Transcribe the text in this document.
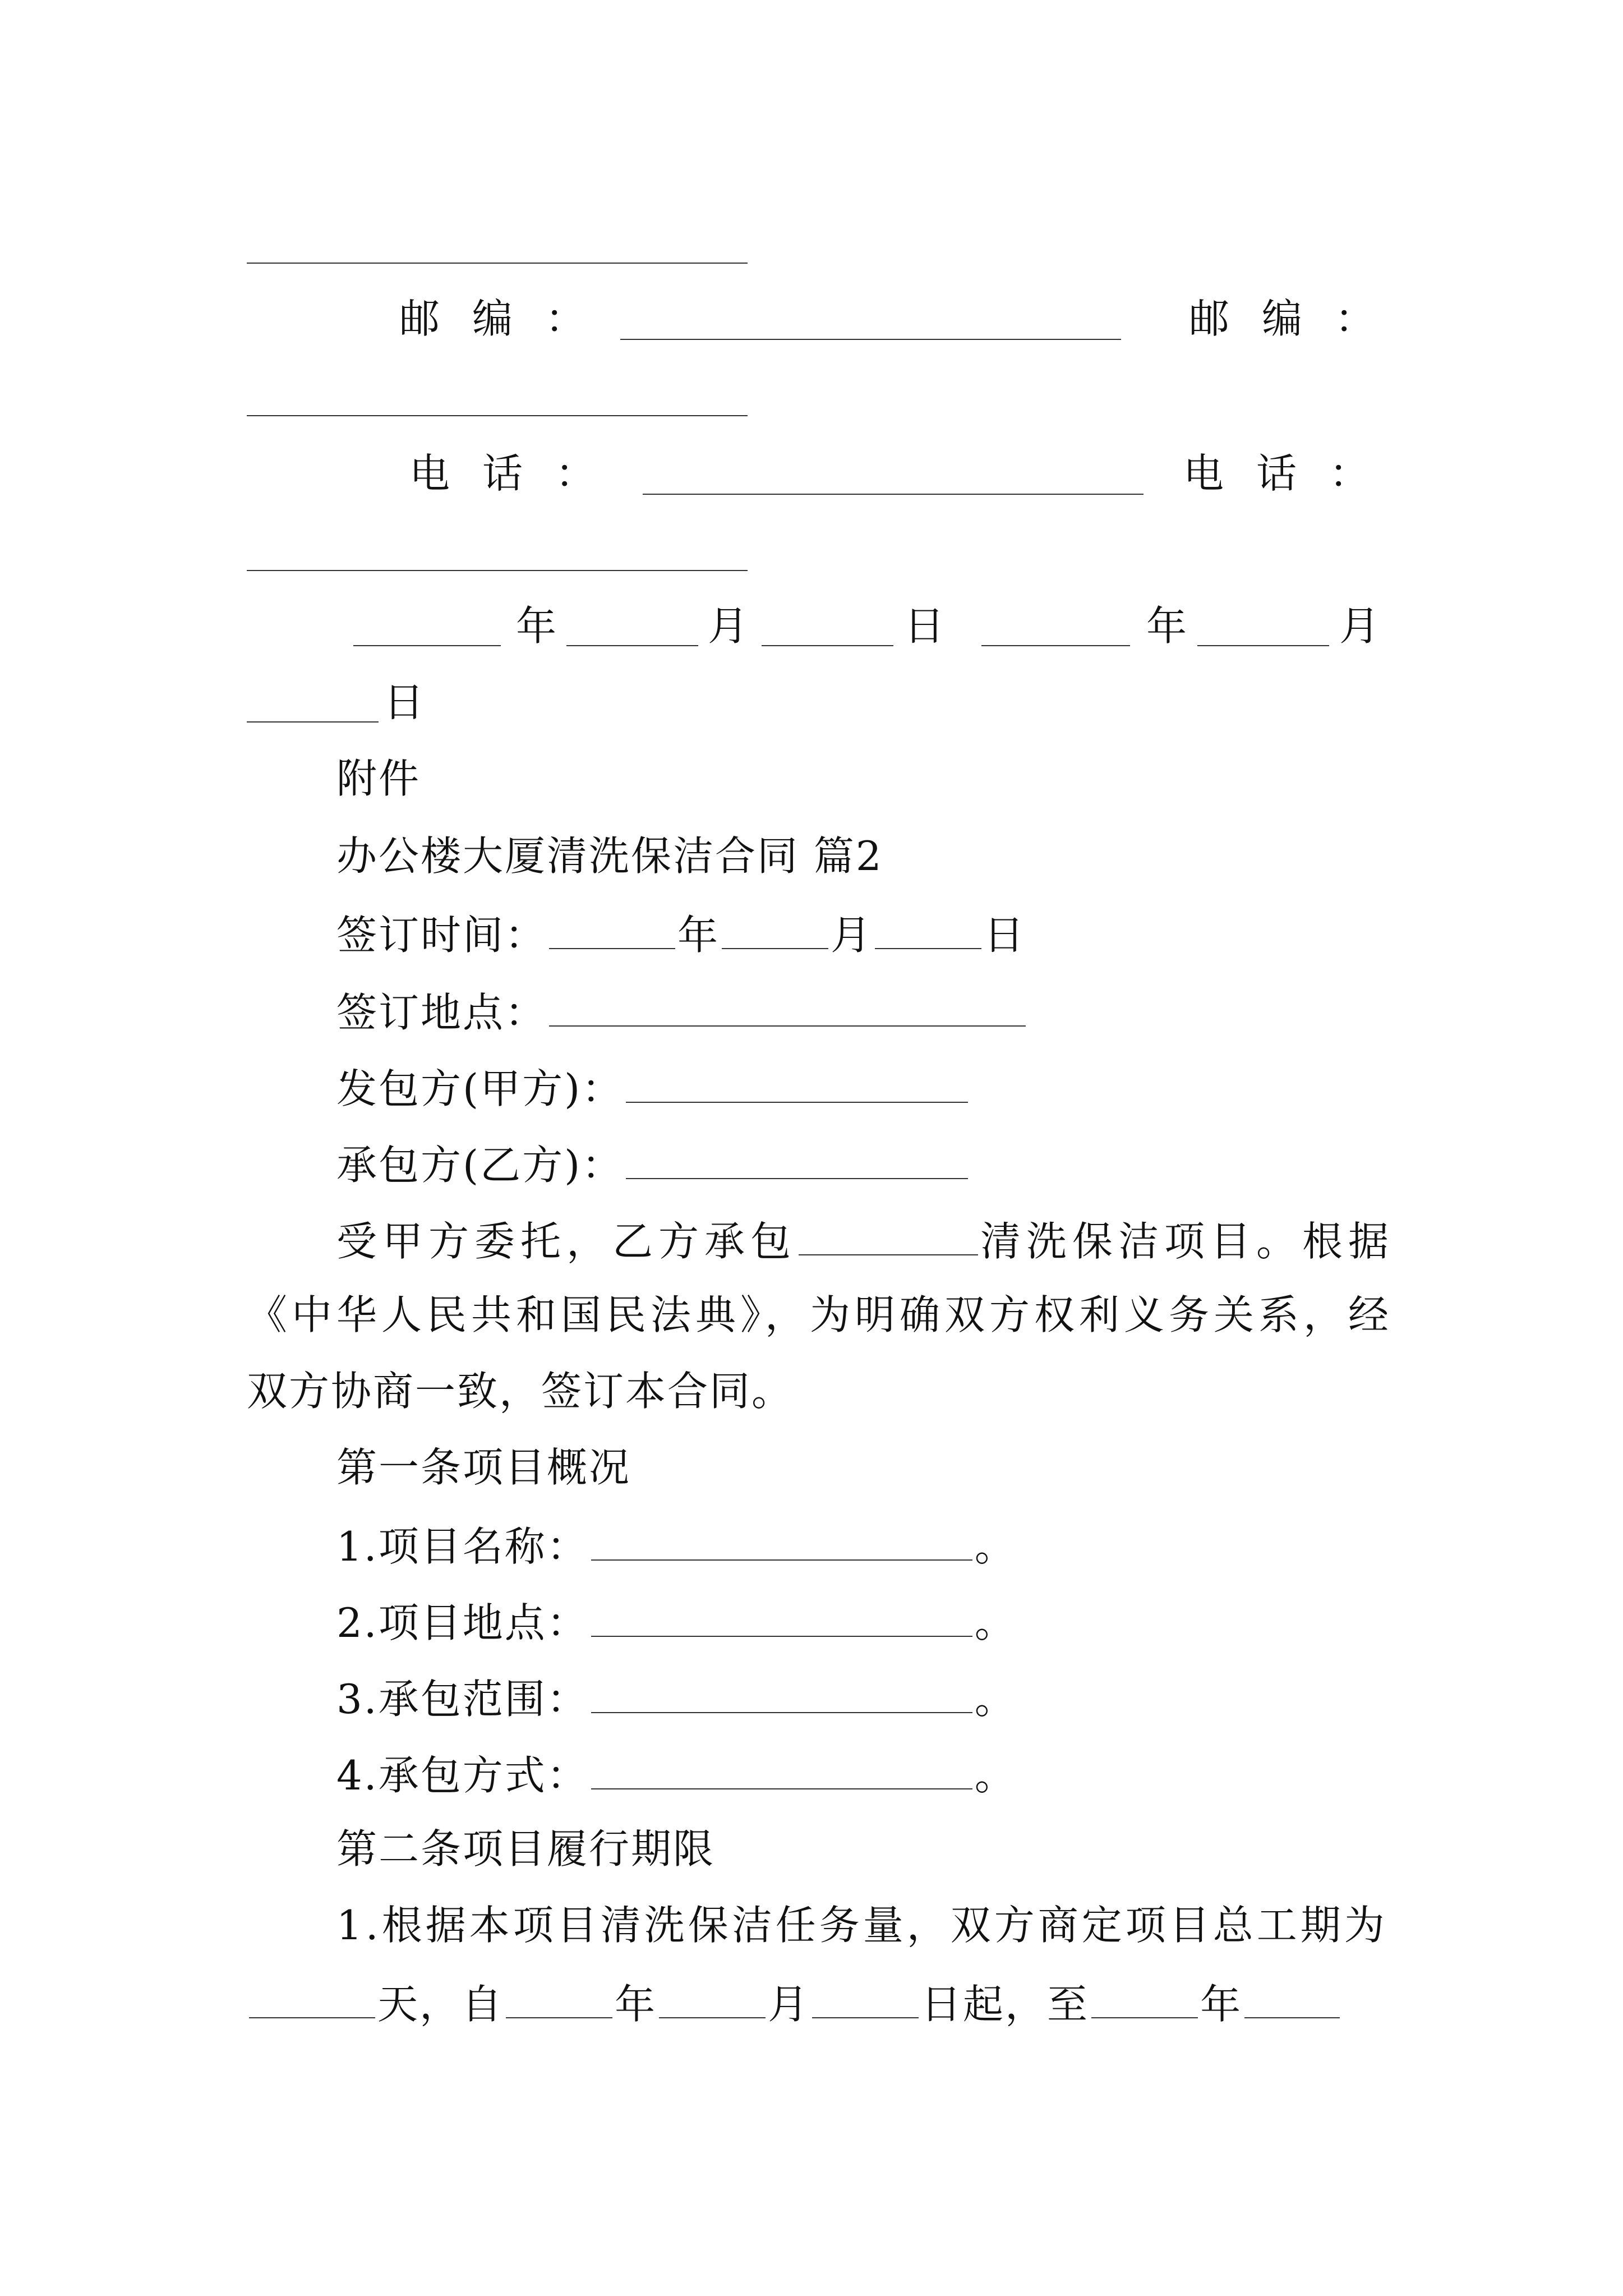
邮编：	邮编：
电话：	电话：
年	月	日	年	月
日
附件
办公楼大厦清洗保洁合同 篇2
签订时间：	年	月	日
签订地点：
发包方(甲方)：
承包方(乙方)：
受甲方委托，乙方承包	清洗保洁项目。根据
《中华人民共和国民法典》，为明确双方权利义务关系，经
双方协商一致，签订本合同。
第一条项目概况
1.项目名称：	。
2.项目地点：	。
3.承包范围：	。
4.承包方式：	。
第二条项目履行期限
1.根据本项目清洗保洁任务量，双方商定项目总工期为
天，自	年	月	日起，至	年
